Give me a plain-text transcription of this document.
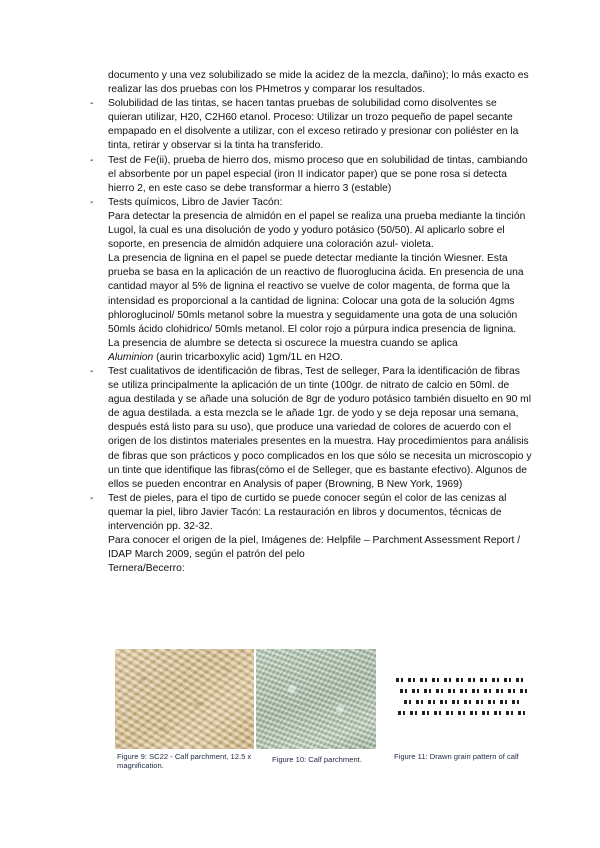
documento y una vez solubilizado se mide la acidez de la mezcla, dañino); lo más exacto es realizar las dos pruebas con los PHmetros y comparar los resultados.

- Solubilidad de las tintas, se hacen tantas pruebas de solubilidad como disolventes se quieran utilizar, H20, C2H60 etanol. Proceso: Utilizar un trozo pequeño de papel secante empapado en el disolvente a utilizar, con el exceso retirado y presionar con poliéster en la tinta, retirar y observar si la tinta ha transferido.

- Test de Fe(ii), prueba de hierro dos, mismo proceso que en solubilidad de tintas, cambiando el absorbente por un papel especial (iron II indicator paper) que se pone rosa si detecta hierro 2, en este caso se debe transformar a hierro 3 (estable)

- Tests químicos, Libro de Javier Tacón:

Para detectar la presencia de almidón en el papel se realiza una prueba mediante la tinción Lugol, la cual es una disolución de yodo y yoduro potásico (50/50). Al aplicarlo sobre el soporte, en presencia de almidón adquiere una coloración azul- violeta.

La presencia de lignina en el papel se puede detectar mediante la tinción Wiesner. Esta prueba se basa en la aplicación de un reactivo de fluoroglucina ácida. En presencia de una cantidad mayor al 5% de lignina el reactivo se vuelve de color magenta, de forma que la intensidad es proporcional a la cantidad de lignina: Colocar una gota de la solución 4gms phloroglucinol/ 50mls metanol sobre la muestra y seguidamente una gota de una solución 50mls ácido clohidrico/ 50mls metanol. El color rojo a púrpura indica presencia de lignina.

La presencia de alumbre se detecta si oscurece la muestra cuando se aplica
Aluminion (aurin tricarboxylic acid) 1gm/1L en H2O.

- Test cualitativos de identificación de fibras, Test de selleger, Para la identificación de fibras se utiliza principalmente la aplicación de un tinte (100gr. de nitrato de calcio en 50ml. de agua destilada y se añade una solución de 8gr de yoduro potásico también disuelto en 90 ml de agua destilada. a esta mezcla se le añade 1gr. de yodo y se deja reposar una semana, después está listo para su uso), que produce una variedad de colores de acuerdo con el origen de los distintos materiales presentes en la muestra. Hay procedimientos para análisis de fibras que son prácticos y poco complicados en los que sólo se necesita un microscopio y un tinte que identifique las fibras(cómo el de Selleger, que es bastante efectivo). Algunos de ellos se pueden encontrar en Analysis of paper (Browning, B New York, 1969)

- Test de pieles, para el tipo de curtido se puede conocer según el color de las cenizas al quemar la piel, libro Javier Tacón: La restauración en libros y documentos, técnicas de intervención pp. 32-32.

Para conocer el origen de la piel, Imágenes de: Helpfile – Parchment Assessment Report / IDAP March 2009, según el patrón del pelo

Ternera/Becerro:

Figure 9: SC22 - Calf parchment, 12.5 x magnification.
Figure 10: Calf parchment.	Figure 11: Drawn grain pattern of calf
